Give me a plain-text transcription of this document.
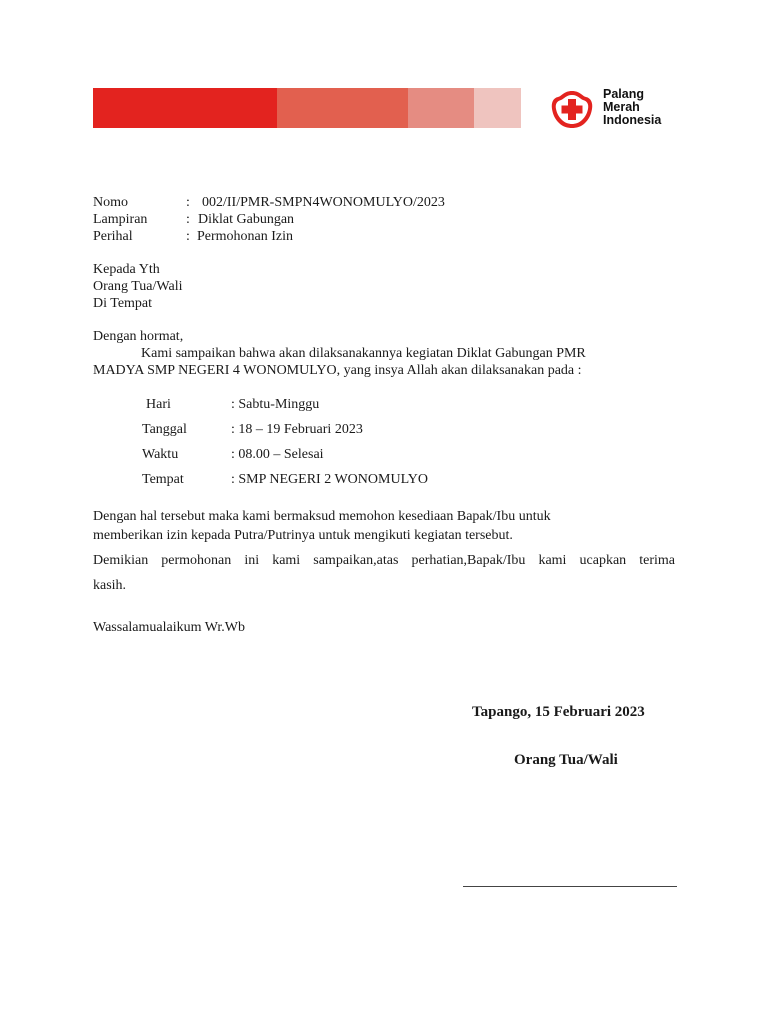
Palang
Merah
Indonesia
Nomo	: 002/II/PMR-SMPN4WONOMULYO/2023
Lampiran	: Diklat Gabungan
Perihal	: Permohonan Izin
Kepada Yth
Orang Tua/Wali
Di Tempat
Dengan hormat,
Kami sampaikan bahwa akan dilaksanakannya kegiatan Diklat Gabungan PMR
MADYA SMP NEGERI 4 WONOMULYO, yang insya Allah akan dilaksanakan pada :
Hari	: Sabtu-Minggu
Tanggal	: 18 – 19 Februari 2023
Waktu	: 08.00 – Selesai
Tempat	: SMP NEGERI 2 WONOMULYO
Dengan hal tersebut maka kami bermaksud memohon kesediaan Bapak/Ibu untuk
memberikan izin kepada Putra/Putrinya untuk mengikuti kegiatan tersebut.
Demikian permohonan ini kami sampaikan,atas perhatian,Bapak/Ibu kami ucapkan terima
kasih.
Wassalamualaikum Wr.Wb
Tapango, 15 Februari 2023
Orang Tua/Wali
